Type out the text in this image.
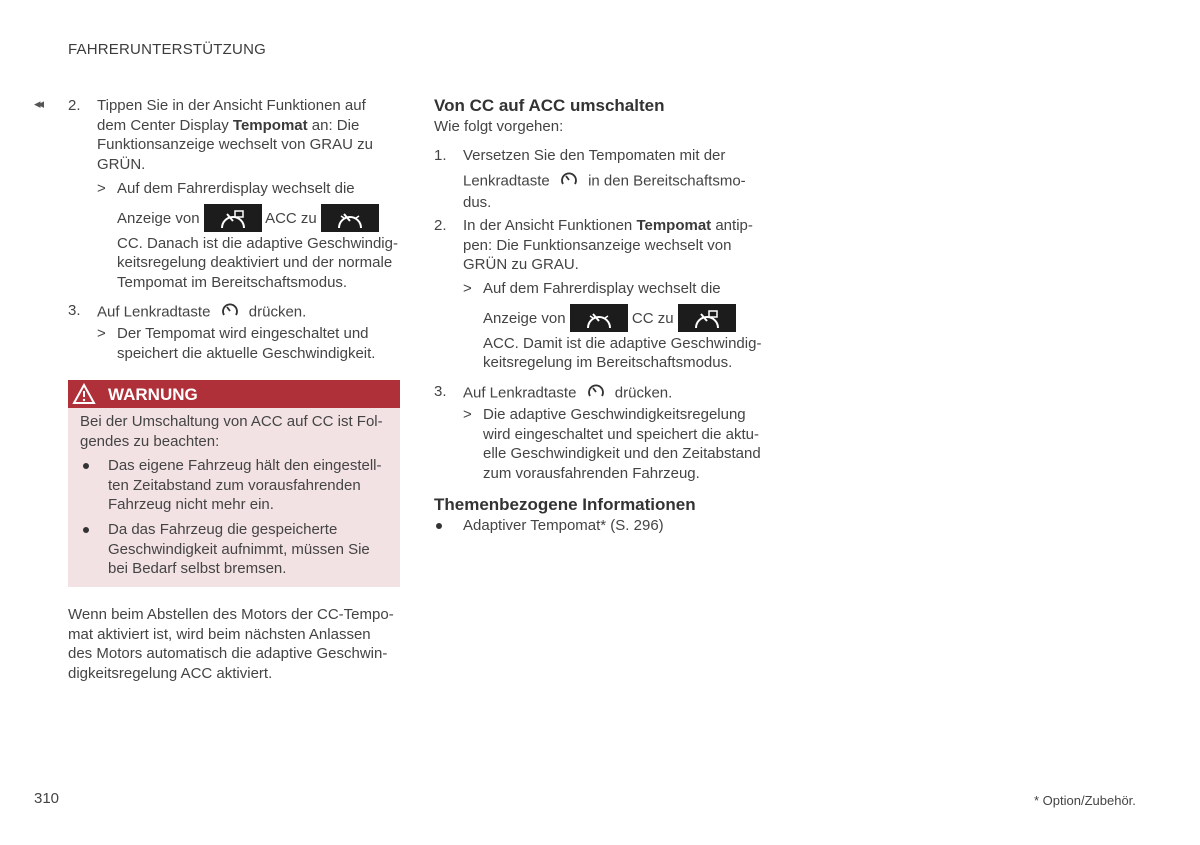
FAHRERUNTERSTÜTZUNG
◂◂ 2. Tippen Sie in der Ansicht Funktionen auf
dem Center Display Tempomat an: Die
Funktionsanzeige wechselt von GRAU zu
GRÜN.
> Auf dem Fahrerdisplay wechselt die
Anzeige von	ACC zu
CC. Danach ist die adaptive Geschwindig-
keitsregelung deaktiviert und der normale
Tempomat im Bereitschaftsmodus.
3. Auf Lenkradtaste	drücken.
> Der Tempomat wird eingeschaltet und
speichert die aktuelle Geschwindigkeit.
WARNUNG
Bei der Umschaltung von ACC auf CC ist Fol-
gendes zu beachten:
Das eigene Fahrzeug hält den eingestell-
ten Zeitabstand zum vorausfahrenden
Fahrzeug nicht mehr ein.
Da das Fahrzeug die gespeicherte
Geschwindigkeit aufnimmt, müssen Sie
bei Bedarf selbst bremsen.
Wenn beim Abstellen des Motors der CC-Tempo-
mat aktiviert ist, wird beim nächsten Anlassen
des Motors automatisch die adaptive Geschwin-
digkeitsregelung ACC aktiviert.
Von CC auf ACC umschalten
Wie folgt vorgehen:
1. Versetzen Sie den Tempomaten mit der
Lenkradtaste	in den Bereitschaftsmo-
dus.
2. In der Ansicht Funktionen Tempomat antip-
pen: Die Funktionsanzeige wechselt von
GRÜN zu GRAU.
> Auf dem Fahrerdisplay wechselt die
Anzeige von	CC zu
ACC. Damit ist die adaptive Geschwindig-
keitsregelung im Bereitschaftsmodus.
3. Auf Lenkradtaste	drücken.
> Die adaptive Geschwindigkeitsregelung
wird eingeschaltet und speichert die aktu-
elle Geschwindigkeit und den Zeitabstand
zum vorausfahrenden Fahrzeug.
Themenbezogene Informationen
Adaptiver Tempomat* (S. 296)
310	* Option/Zubehör.
